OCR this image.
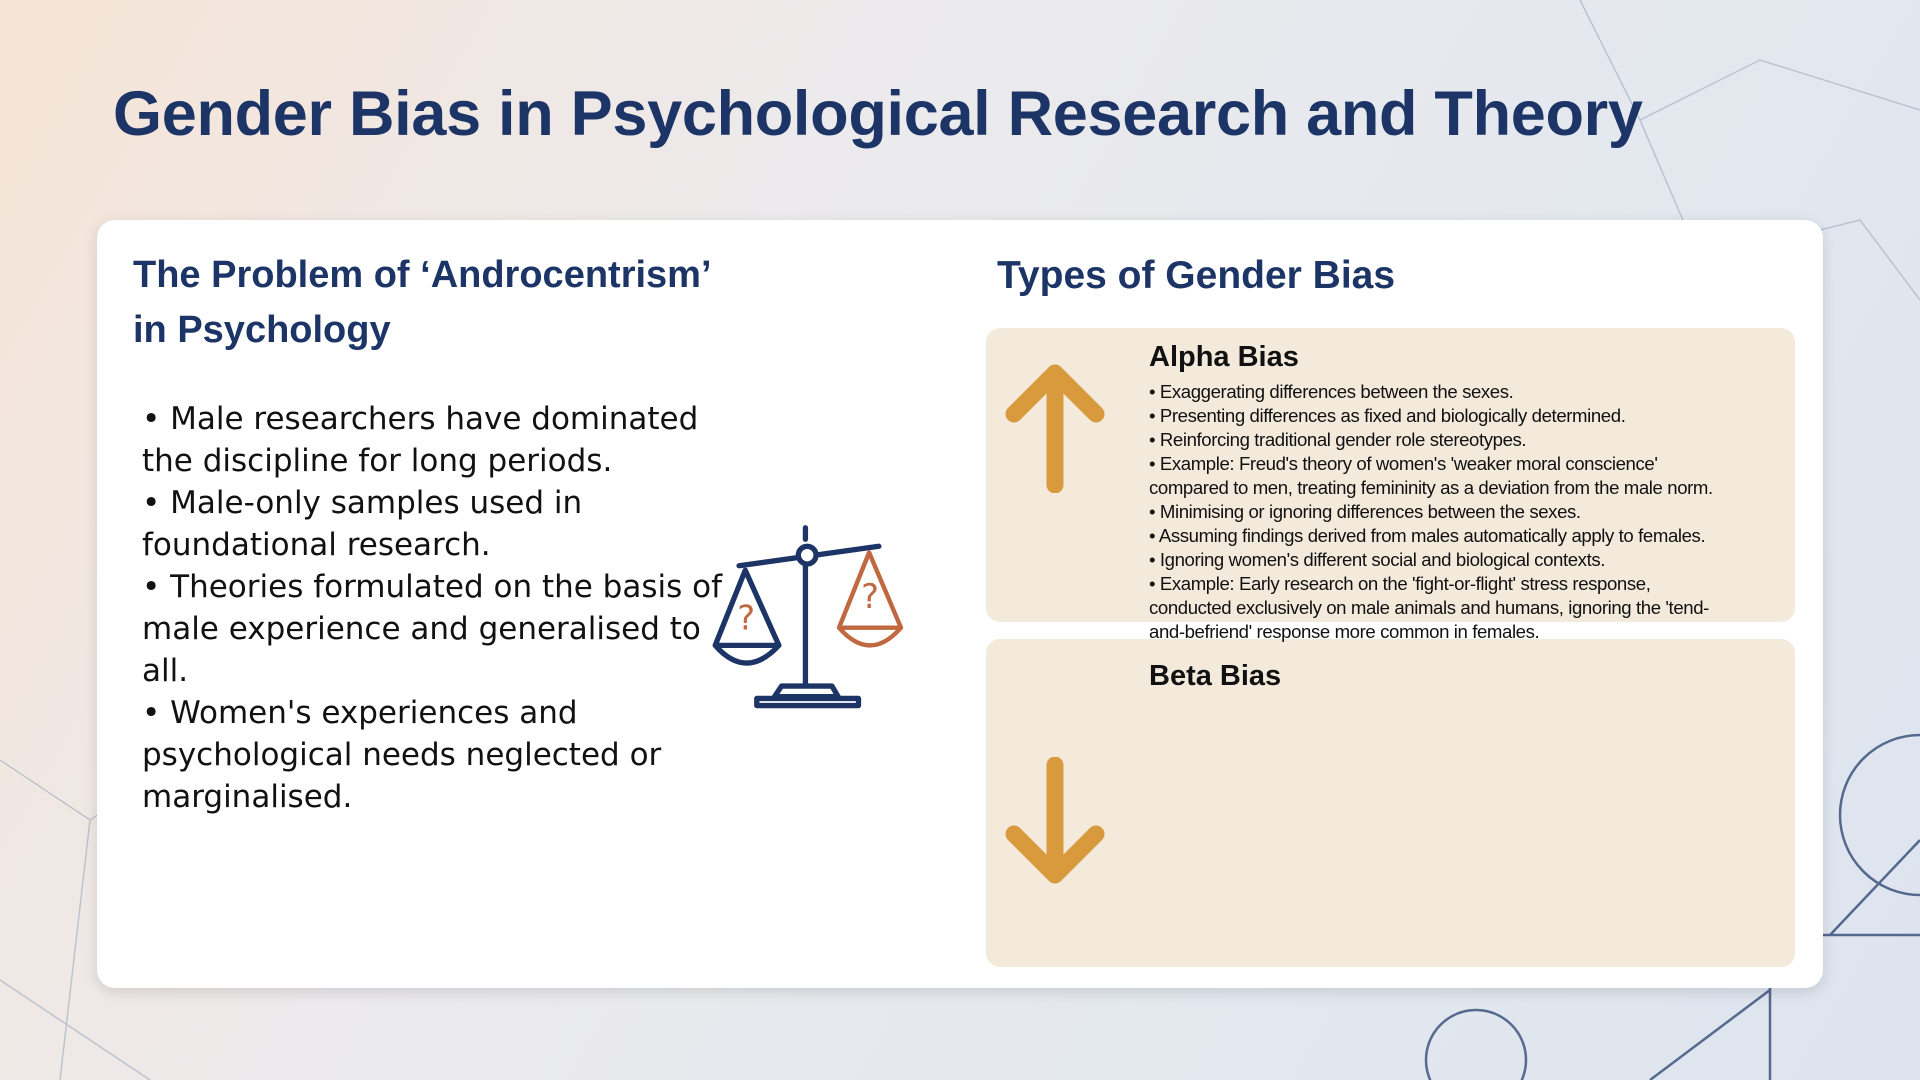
Gender Bias in Psychological Research and Theory
The Problem of ‘Androcentrism’
in Psychology
• Male researchers have dominated the discipline for long periods.
• Male-only samples used in foundational research.
• Theories formulated on the basis of male experience and generalised to all.
• Women's experiences and psychological needs neglected or marginalised.
?
?
Types of Gender Bias
Alpha Bias
Beta Bias
• Exaggerating differences between the sexes.
• Presenting differences as fixed and biologically determined.
• Reinforcing traditional gender role stereotypes.
• Example: Freud's theory of women's 'weaker moral conscience' compared to men, treating femininity as a deviation from the male norm.
• Minimising or ignoring differences between the sexes.
• Assuming findings derived from males automatically apply to females.
• Ignoring women's different social and biological contexts.
• Example: Early research on the 'fight-or-flight' stress response, conducted exclusively on male animals and humans, ignoring the 'tend-and-befriend' response more common in females.
